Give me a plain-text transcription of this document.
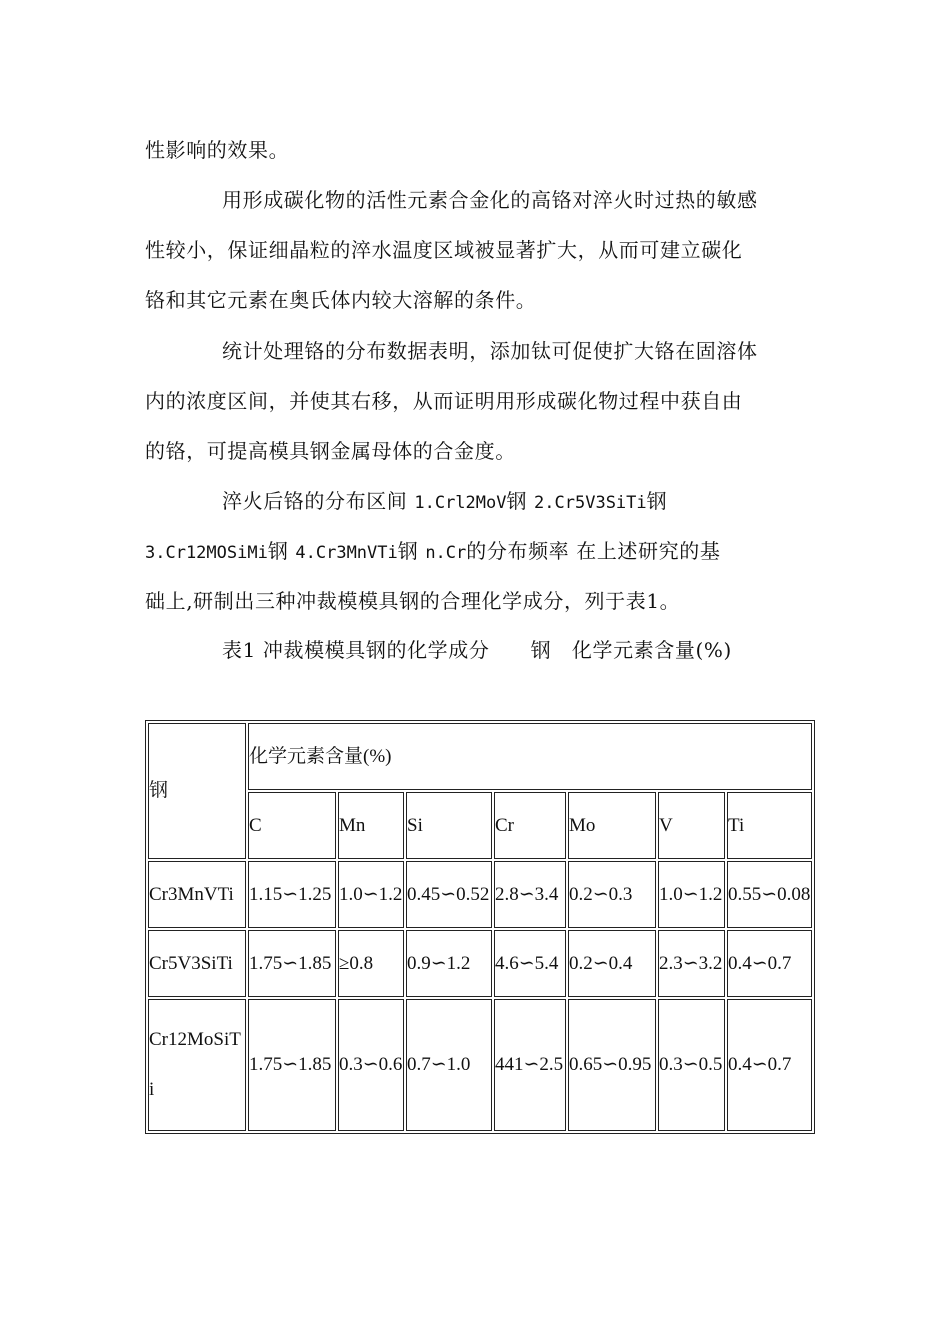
性影响的效果。
用形成碳化物的活性元素合金化的高铬对淬火时过热的敏感
性较小，保证细晶粒的淬水温度区域被显著扩大，从而可建立碳化
铬和其它元素在奥氏体内较大溶解的条件。
统计处理铬的分布数据表明，添加钛可促使扩大铬在固溶体
内的浓度区间，并使其右移，从而证明用形成碳化物过程中获自由
的铬，可提高模具钢金属母体的合金度。
淬火后铬的分布区间 1.Crl2MoV钢 2.Cr5V3SiTi钢
3.Cr12MOSiMi钢 4.Cr3MnVTi钢 n.Cr的分布频率 在上述研究的基
础上,研制出三种冲裁模模具钢的合理化学成分，列于表1。
表1 冲裁模模具钢的化学成分　　钢　化学元素含量(%)
钢	化学元素含量(%)						
	C	Mn	Si	Cr	Mo	V	Ti
Cr3MnVTi	1.15∽1.25	1.0∽1.2	0.45∽0.52	2.8∽3.4	0.2∽0.3	1.0∽1.2	0.55∽0.08
Cr5V3SiTi	1.75∽1.85	≥0.8	0.9∽1.2	4.6∽5.4	0.2∽0.4	2.3∽3.2	0.4∽0.7
Cr12MoSiTi	1.75∽1.85	0.3∽0.6	0.7∽1.0	441∽2.5	0.65∽0.95	0.3∽0.5	0.4∽0.7
